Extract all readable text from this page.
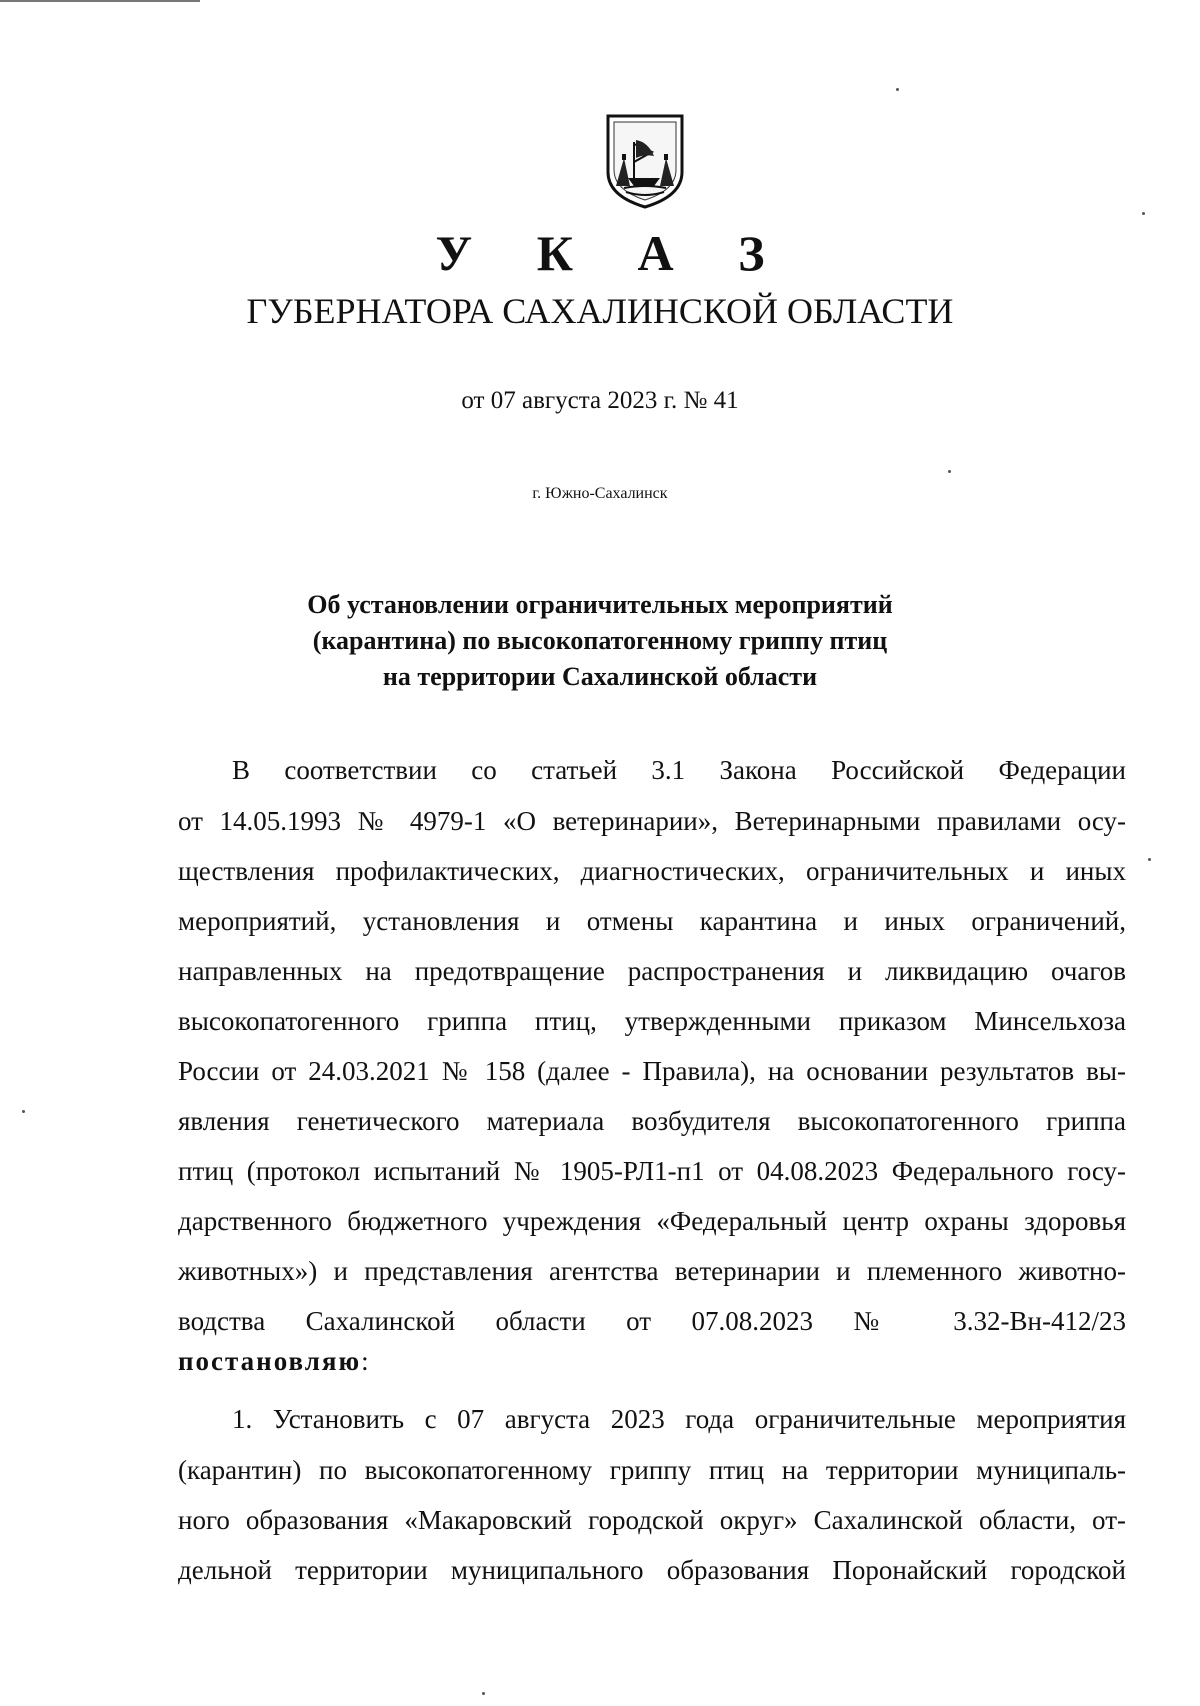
У К А З
ГУБЕРНАТОРА САХАЛИНСКОЙ ОБЛАСТИ
от 07 августа 2023 г. № 41
г. Южно-Сахалинск
Об установлении ограничительных мероприятий
(карантина) по высокопатогенному гриппу птиц
на территории Сахалинской области
В соответствии со статьей 3.1 Закона Российской Федерации
от 14.05.1993 № 4979-1 «О ветеринарии», Ветеринарными правилами осу-
ществления профилактических, диагностических, ограничительных и иных
мероприятий, установления и отмены карантина и иных ограничений,
направленных на предотвращение распространения и ликвидацию очагов
высокопатогенного гриппа птиц, утвержденными приказом Минсельхоза
России от 24.03.2021 № 158 (далее - Правила), на основании результатов вы-
явления генетического материала возбудителя высокопатогенного гриппа
птиц (протокол испытаний № 1905-РЛ1-п1 от 04.08.2023 Федерального госу-
дарственного бюджетного учреждения «Федеральный центр охраны здоровья
животных») и представления агентства ветеринарии и племенного животно-
водства Сахалинской области от 07.08.2023 № 3.32-Вн-412/23
постановляю:
1. Установить с 07 августа 2023 года ограничительные мероприятия
(карантин) по высокопатогенному гриппу птиц на территории муниципаль-
ного образования «Макаровский городской округ» Сахалинской области, от-
дельной территории муниципального образования Поронайский городской
